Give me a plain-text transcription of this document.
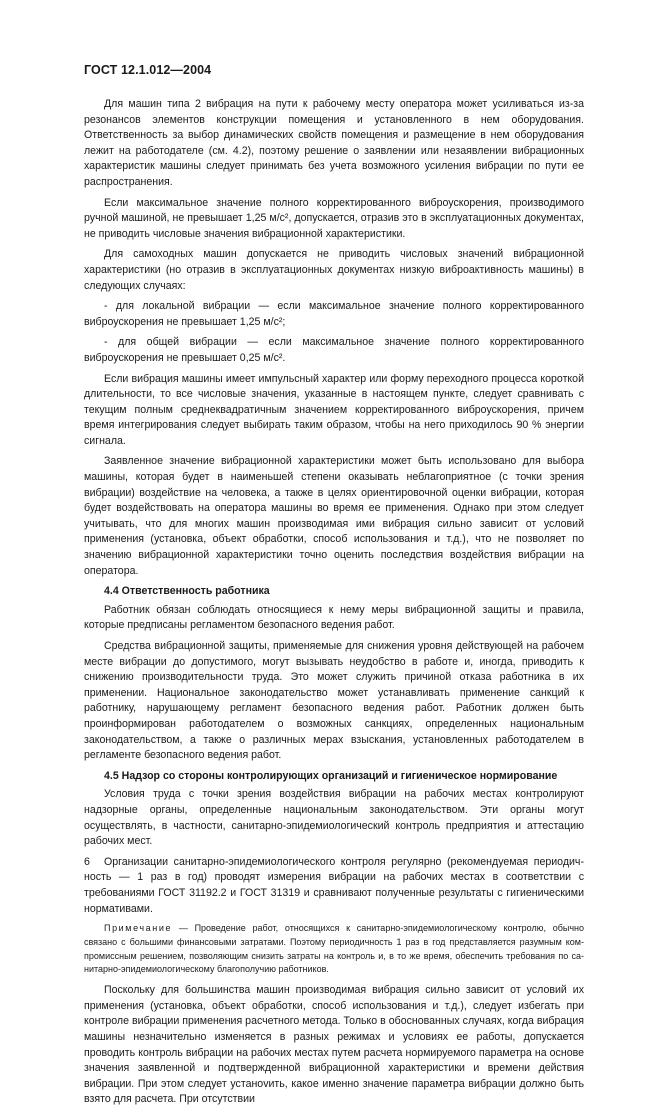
ГОСТ 12.1.012—2004

Для машин типа 2 вибрация на пути к рабочему месту оператора может усиливаться из-за резонансов элементов конструкции помещения и установленного в нем оборудования. Ответственность за выбор динамических свойств помещения и размещение в нем оборудования лежит на работодателе (см. 4.2), поэтому решение о заявлении или незаявлении вибрационных характеристик машины следует принимать без учета возможного усиления вибрации по пути ее распространения.

Если максимальное значение полного корректированного виброускорения, производимого ручной машиной, не превышает 1,25 м/с², допускается, отразив это в эксплуатационных документах, не приводить числовые значения вибрационной характеристики.

Для самоходных машин допускается не приводить числовых значений вибрационной характеристики (но отразив в эксплуатационных документах низкую виброактивность машины) в следующих случаях:

- для локальной вибрации — если максимальное значение полного корректированного виброускорения не превышает 1,25 м/с²;

- для общей вибрации — если максимальное значение полного корректированного виброускорения не превышает 0,25 м/с².

Если вибрация машины имеет импульсный характер или форму переходного процесса короткой длительности, то все числовые значения, указанные в настоящем пункте, следует сравнивать с текущим полным среднеквадратичным значением корректированного виброускорения, причем время интегрирования следует выбирать таким образом, чтобы на него приходилось 90 % энергии сигнала.

Заявленное значение вибрационной характеристики может быть использовано для выбора машины, которая будет в наименьшей степени оказывать неблагоприятное (с точки зрения вибрации) воздействие на человека, а также в целях ориентировочной оценки вибрации, которая будет воздействовать на оператора машины во время ее применения. Однако при этом следует учитывать, что для многих машин производимая ими вибрация сильно зависит от условий применения (установка, объект обработки, способ использования и т.д.), что не позволяет по значению вибрационной характеристики точно оценить последствия воздействия вибрации на оператора.

4.4 Ответственность работника

Работник обязан соблюдать относящиеся к нему меры вибрационной защиты и правила, которые предписаны регламентом безопасного ведения работ.

Средства вибрационной защиты, применяемые для снижения уровня действующей на рабочем месте вибрации до допустимого, могут вызывать неудобство в работе и, иногда, приводить к снижению производительности труда. Это может служить причиной отказа работника в их применении. Национальное законодательство может устанавливать применение санкций к работнику, нарушающему регламент безопасного ведения работ. Работник должен быть проинформирован работодателем о возможных санкциях, определенных национальным законодательством, а также о различных мерах взыскания, установленных работодателем в регламенте безопасного ведения работ.

4.5 Надзор со стороны контролирующих организаций и гигиеническое нормирование

Условия труда с точки зрения воздействия вибрации на рабочих местах контролируют надзорные органы, определенные национальным законодательством. Эти органы могут осуществлять, в частности, санитарно-эпидемиологический контроль предприятия и аттестацию рабочих мест.

Организации санитарно-эпидемиологического контроля регулярно (рекомендуемая периодичность — 1 раз в год) проводят измерения вибрации на рабочих местах в соответствии с требованиями ГОСТ 31192.2 и ГОСТ 31319 и сравнивают полученные результаты с гигиеническими нормативами.

Примечание — Проведение работ, относящихся к санитарно-эпидемиологическому контролю, обычно связано с большими финансовыми затратами. Поэтому периодичность 1 раз в год представляется разумным компромиссным решением, позволяющим снизить затраты на контроль и, в то же время, обеспечить требования по санитарно-эпидемиологическому благополучию работников.

Поскольку для большинства машин производимая вибрация сильно зависит от условий их применения (установка, объект обработки, способ использования и т.д.), следует избегать при контроле вибрации применения расчетного метода. Только в обоснованных случаях, когда вибрация машины незначительно изменяется в разных режимах и условиях ее работы, допускается проводить контроль вибрации на рабочих местах путем расчета нормируемого параметра на основе значения заявленной и подтвержденной вибрационной характеристики и времени действия вибрации. При этом следует устаноvить, какое именно значение параметра вибрации должно быть взято для расчета. При отсутствии

6
